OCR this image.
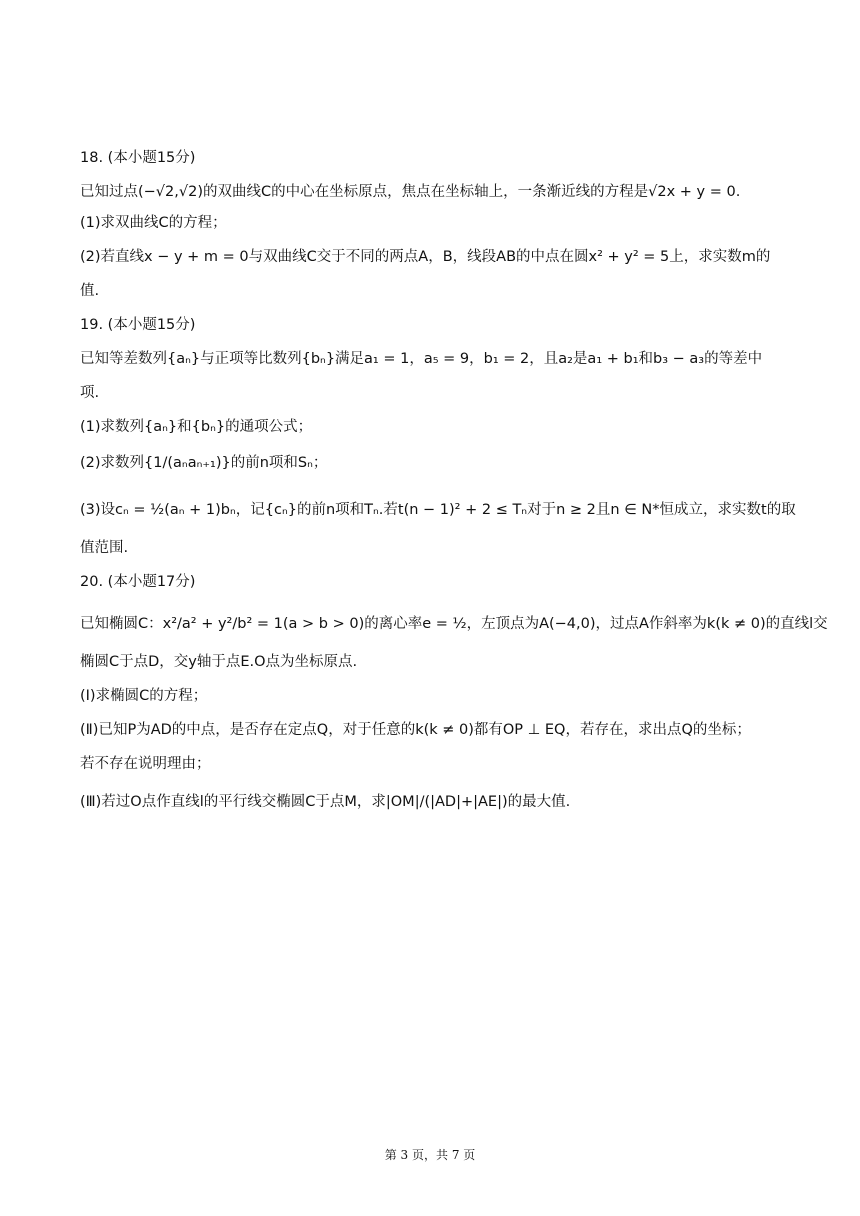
18. (本小题15分)
已知过点(−√2,√2)的双曲线C的中心在坐标原点，焦点在坐标轴上，一条渐近线的方程是√2x + y = 0.
(1)求双曲线C的方程；
(2)若直线x − y + m = 0与双曲线C交于不同的两点A，B，线段AB的中点在圆x² + y² = 5上，求实数m的
值.
19. (本小题15分)
已知等差数列{aₙ}与正项等比数列{bₙ}满足a₁ = 1，a₅ = 9，b₁ = 2，且a₂是a₁ + b₁和b₃ − a₃的等差中
项.
(1)求数列{aₙ}和{bₙ}的通项公式；
(2)求数列{1/(aₙaₙ₊₁)}的前n项和Sₙ；
(3)设cₙ = ½(aₙ + 1)bₙ，记{cₙ}的前n项和Tₙ.若t(n − 1)² + 2 ≤ Tₙ对于n ≥ 2且n ∈ N*恒成立，求实数t的取
值范围.
20. (本小题17分)
已知椭圆C：x²/a² + y²/b² = 1(a > b > 0)的离心率e = ½，左顶点为A(−4,0)，过点A作斜率为k(k ≠ 0)的直线l交
椭圆C于点D，交y轴于点E.O点为坐标原点.
(Ⅰ)求椭圆C的方程；
(Ⅱ)已知P为AD的中点，是否存在定点Q，对于任意的k(k ≠ 0)都有OP ⊥ EQ，若存在，求出点Q的坐标；
若不存在说明理由；
(Ⅲ)若过O点作直线l的平行线交椭圆C于点M，求|OM|/(|AD|+|AE|)的最大值.
第 3 页，共 7 页
